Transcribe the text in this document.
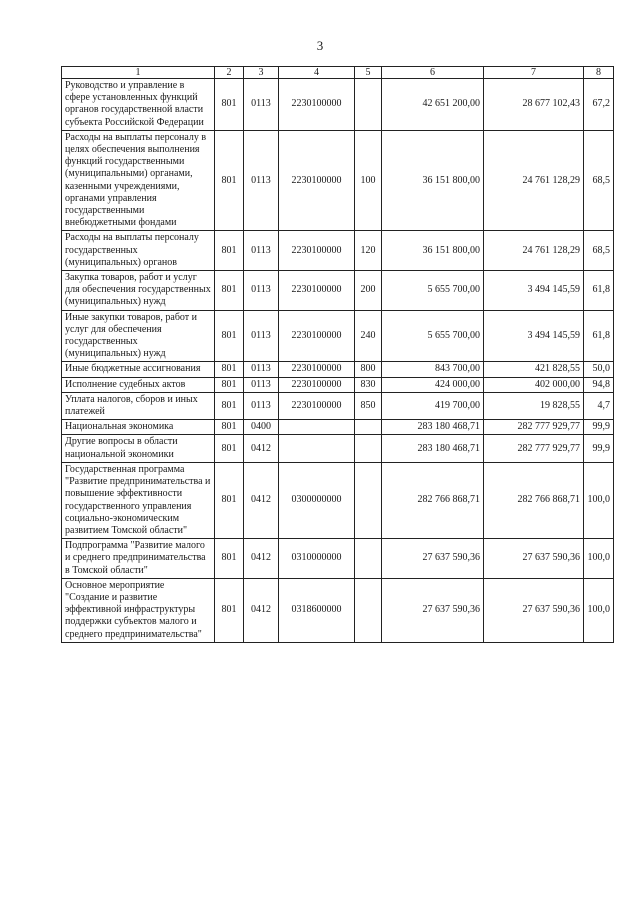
3
1	2	3	4	5	6	7	8
Руководство и управление в сфере установленных функций органов государственной власти субъекта Российской Федерации	801	0113	2230100000		42 651 200,00	28 677 102,43	67,2
Расходы на выплаты персоналу в целях обеспечения выполнения функций государственными (муниципальными) органами, казенными учреждениями, органами управления государственными внебюджетными фондами	801	0113	2230100000	100	36 151 800,00	24 761 128,29	68,5
Расходы на выплаты персоналу государственных (муниципальных) органов	801	0113	2230100000	120	36 151 800,00	24 761 128,29	68,5
Закупка товаров, работ и услуг для обеспечения государственных (муниципальных) нужд	801	0113	2230100000	200	5 655 700,00	3 494 145,59	61,8
Иные закупки товаров, работ и услуг для обеспечения государственных (муниципальных) нужд	801	0113	2230100000	240	5 655 700,00	3 494 145,59	61,8
Иные бюджетные ассигнования	801	0113	2230100000	800	843 700,00	421 828,55	50,0
Исполнение судебных актов	801	0113	2230100000	830	424 000,00	402 000,00	94,8
Уплата налогов, сборов и иных платежей	801	0113	2230100000	850	419 700,00	19 828,55	4,7
Национальная экономика	801	0400			283 180 468,71	282 777 929,77	99,9
Другие вопросы в области национальной экономики	801	0412			283 180 468,71	282 777 929,77	99,9
Государственная программа "Развитие предпринимательства и повышение эффективности государственного управления социально-экономическим развитием Томской области"	801	0412	0300000000		282 766 868,71	282 766 868,71	100,0
Подпрограмма "Развитие малого и среднего предпринимательства в Томской области"	801	0412	0310000000		27 637 590,36	27 637 590,36	100,0
Основное мероприятие "Создание и развитие эффективной инфраструктуры поддержки субъектов малого и среднего предпринимательства"	801	0412	0318600000		27 637 590,36	27 637 590,36	100,0
